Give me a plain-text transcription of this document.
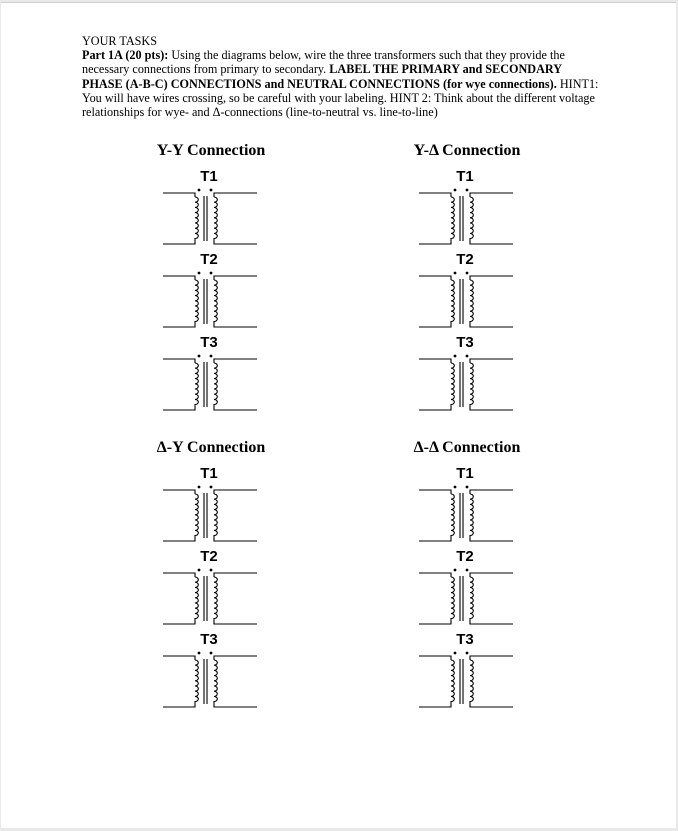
YOUR TASKS

Part 1A (20 pts): Using the diagrams below, wire the three transformers such that they provide the necessary connections from primary to secondary. LABEL THE PRIMARY and SECONDARY PHASE (A-B-C) CONNECTIONS and NEUTRAL CONNECTIONS (for wye connections). HINT1: You will have wires crossing, so be careful with your labeling. HINT 2: Think about the different voltage relationships for wye- and Δ-connections (line-to-neutral vs. line-to-line)

Y-Y Connection	Y-Δ Connection
Δ-Y Connection	Δ-Δ Connection
T1
T2
T3
T1
T2
T3
T1
T2
T3
T1
T2
T3
